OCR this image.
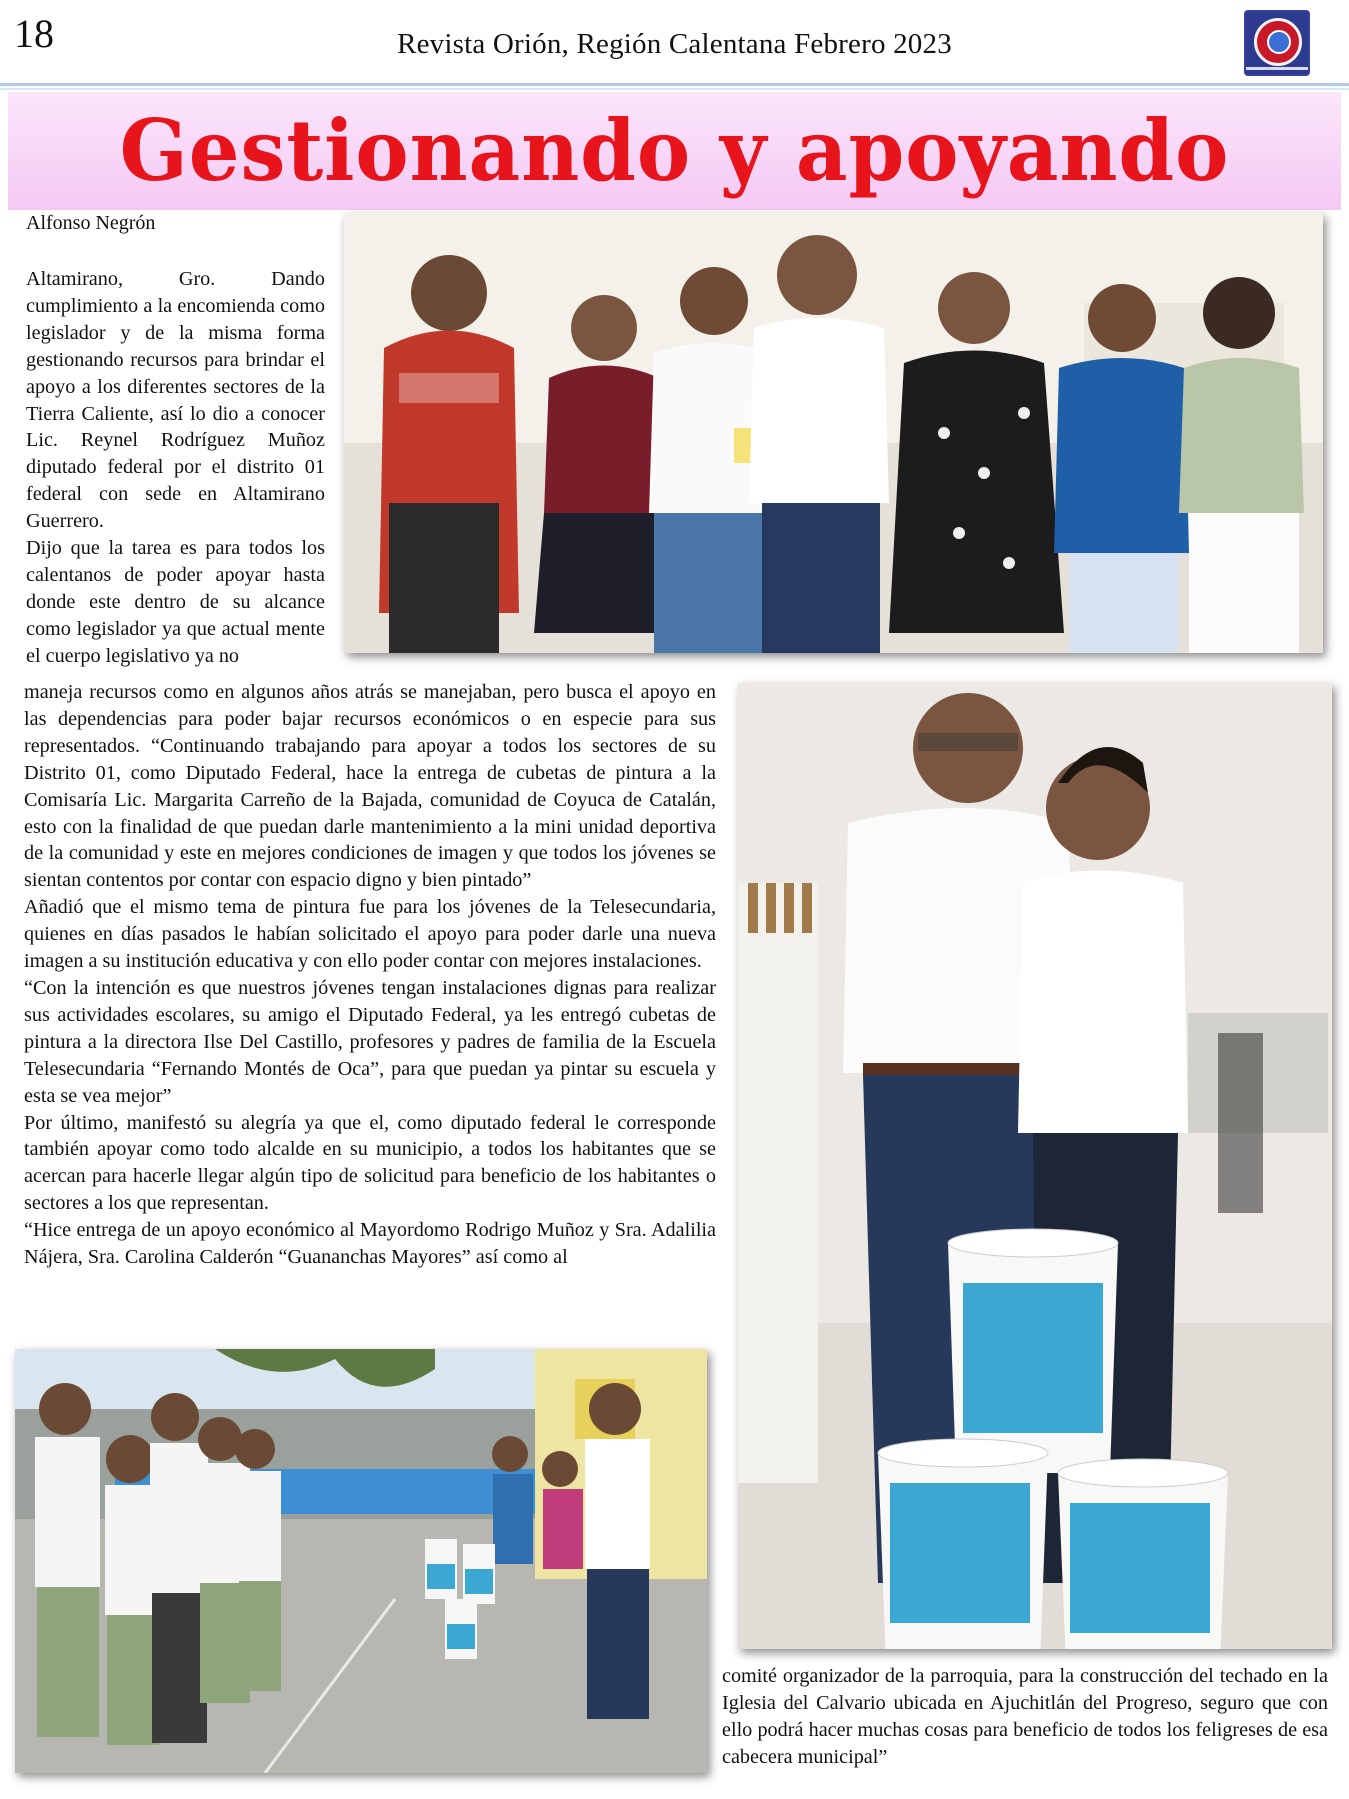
18	Revista Orión, Región Calentana Febrero 2023
Gestionando y apoyando
Alfonso Negrón

Altamirano, Gro. Dando cumplimiento a la encomienda como legislador y de la misma forma gestionando recursos para brindar el apoyo a los diferentes sectores de la Tierra Caliente, así lo dio a conocer Lic. Reynel Rodríguez Muñoz diputado federal por el distrito 01 federal con sede en Altamirano Guerrero.

Dijo que la tarea es para todos los calentanos de poder apoyar hasta donde este dentro de su alcance como legislador ya que actual mente el cuerpo legislativo ya no

maneja recursos como en algunos años atrás se manejaban, pero busca el apoyo en las dependencias para poder bajar recursos económicos o en especie para sus representados. “Continuando trabajando para apoyar a todos los sectores de su Distrito 01, como Diputado Federal, hace la entrega de cubetas de pintura a la Comisaría Lic. Margarita Carreño de la Bajada, comunidad de Coyuca de Catalán, esto con la finalidad de que puedan darle mantenimiento a la mini unidad deportiva de la comunidad y este en mejores condiciones de imagen y que todos los jóvenes se sientan contentos por contar con espacio digno y bien pintado”

Añadió que el mismo tema de pintura fue para los jóvenes de la Telesecundaria, quienes en días pasados le habían solicitado el apoyo para poder darle una nueva imagen a su institución educativa y con ello poder contar con mejores instalaciones.

“Con la intención es que nuestros jóvenes tengan instalaciones dignas para realizar sus actividades escolares, su amigo el Diputado Federal, ya les entregó cubetas de pintura a la directora Ilse Del Castillo, profesores y padres de familia de la Escuela Telesecundaria “Fernando Montés de Oca”, para que puedan ya pintar su escuela y esta se vea mejor”

Por último, manifestó su alegría ya que el, como diputado federal le corresponde también apoyar como todo alcalde en su municipio, a todos los habitantes que se acercan para hacerle llegar algún tipo de solicitud para beneficio de los habitantes o sectores a los que representan.

“Hice entrega de un apoyo económico al Mayordomo Rodrigo Muñoz y Sra. Adalilia Nájera, Sra. Carolina Calderón “Guananchas Mayores” así como al

comité organizador de la parroquia, para la construcción del techado en la Iglesia del Calvario ubicada en Ajuchitlán del Progreso, seguro que con ello podrá hacer muchas cosas para beneficio de todos los feligreses de esa cabecera municipal”
